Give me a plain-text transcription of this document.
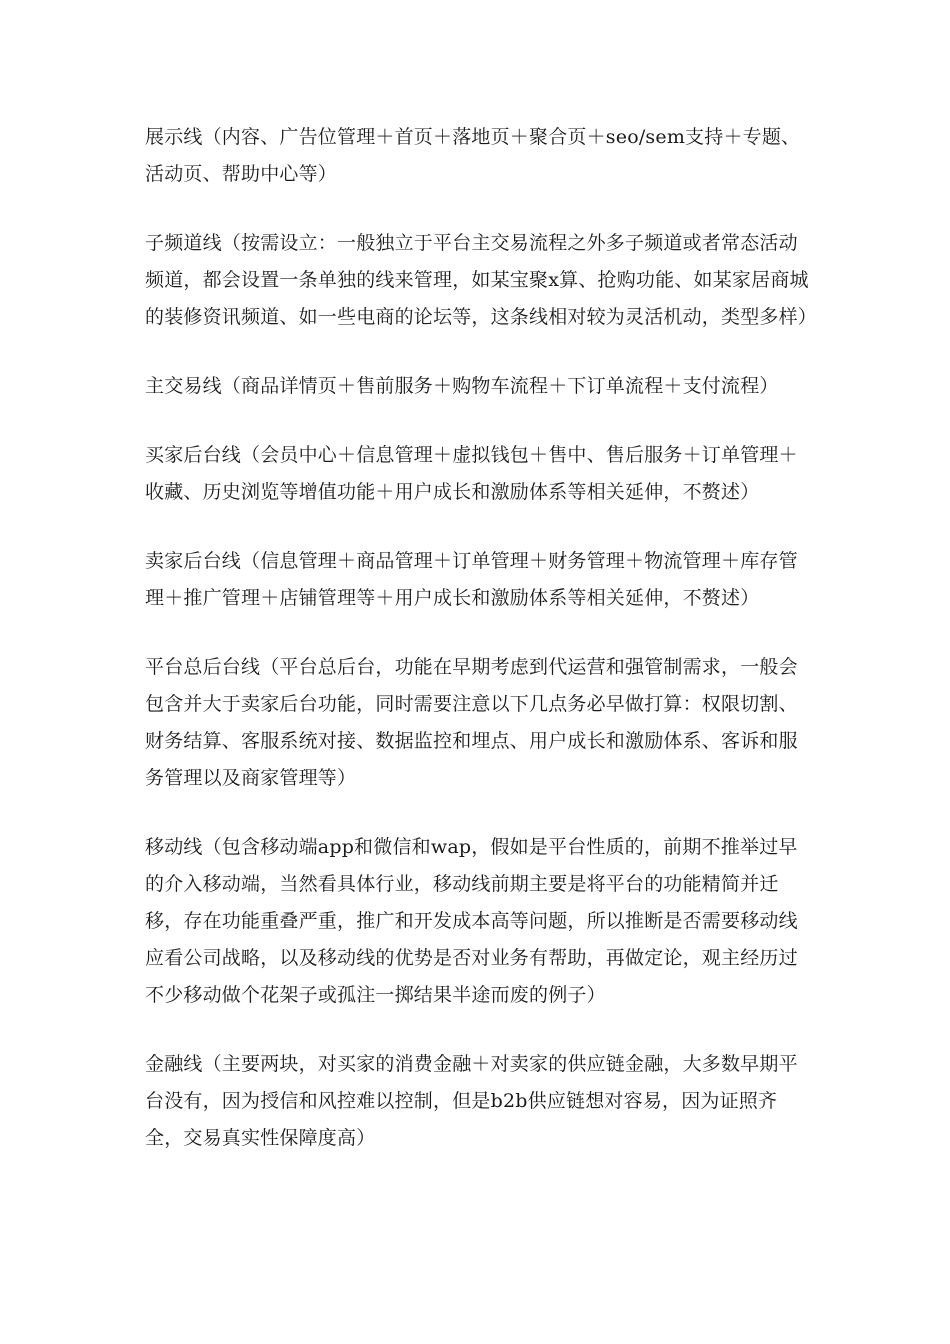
展示线（内容、广告位管理＋首页＋落地页＋聚合页＋seo/sem支持＋专题、活动页、帮助中心等）

子频道线（按需设立：一般独立于平台主交易流程之外多子频道或者常态活动频道，都会设置一条单独的线来管理，如某宝聚x算、抢购功能、如某家居商城的装修资讯频道、如一些电商的论坛等，这条线相对较为灵活机动，类型多样）

主交易线（商品详情页＋售前服务＋购物车流程＋下订单流程＋支付流程）

买家后台线（会员中心＋信息管理＋虚拟钱包＋售中、售后服务＋订单管理＋收藏、历史浏览等增值功能＋用户成长和激励体系等相关延伸，不赘述）

卖家后台线（信息管理＋商品管理＋订单管理＋财务管理＋物流管理＋库存管理＋推广管理＋店铺管理等＋用户成长和激励体系等相关延伸，不赘述）

平台总后台线（平台总后台，功能在早期考虑到代运营和强管制需求，一般会包含并大于卖家后台功能，同时需要注意以下几点务必早做打算：权限切割、财务结算、客服系统对接、数据监控和埋点、用户成长和激励体系、客诉和服务管理以及商家管理等）

移动线（包含移动端app和微信和wap，假如是平台性质的，前期不推举过早的介入移动端，当然看具体行业，移动线前期主要是将平台的功能精简并迁移，存在功能重叠严重，推广和开发成本高等问题，所以推断是否需要移动线应看公司战略，以及移动线的优势是否对业务有帮助，再做定论，观主经历过不少移动做个花架子或孤注一掷结果半途而废的例子）

金融线（主要两块，对买家的消费金融＋对卖家的供应链金融，大多数早期平台没有，因为授信和风控难以控制，但是b2b供应链想对容易，因为证照齐全，交易真实性保障度高）
